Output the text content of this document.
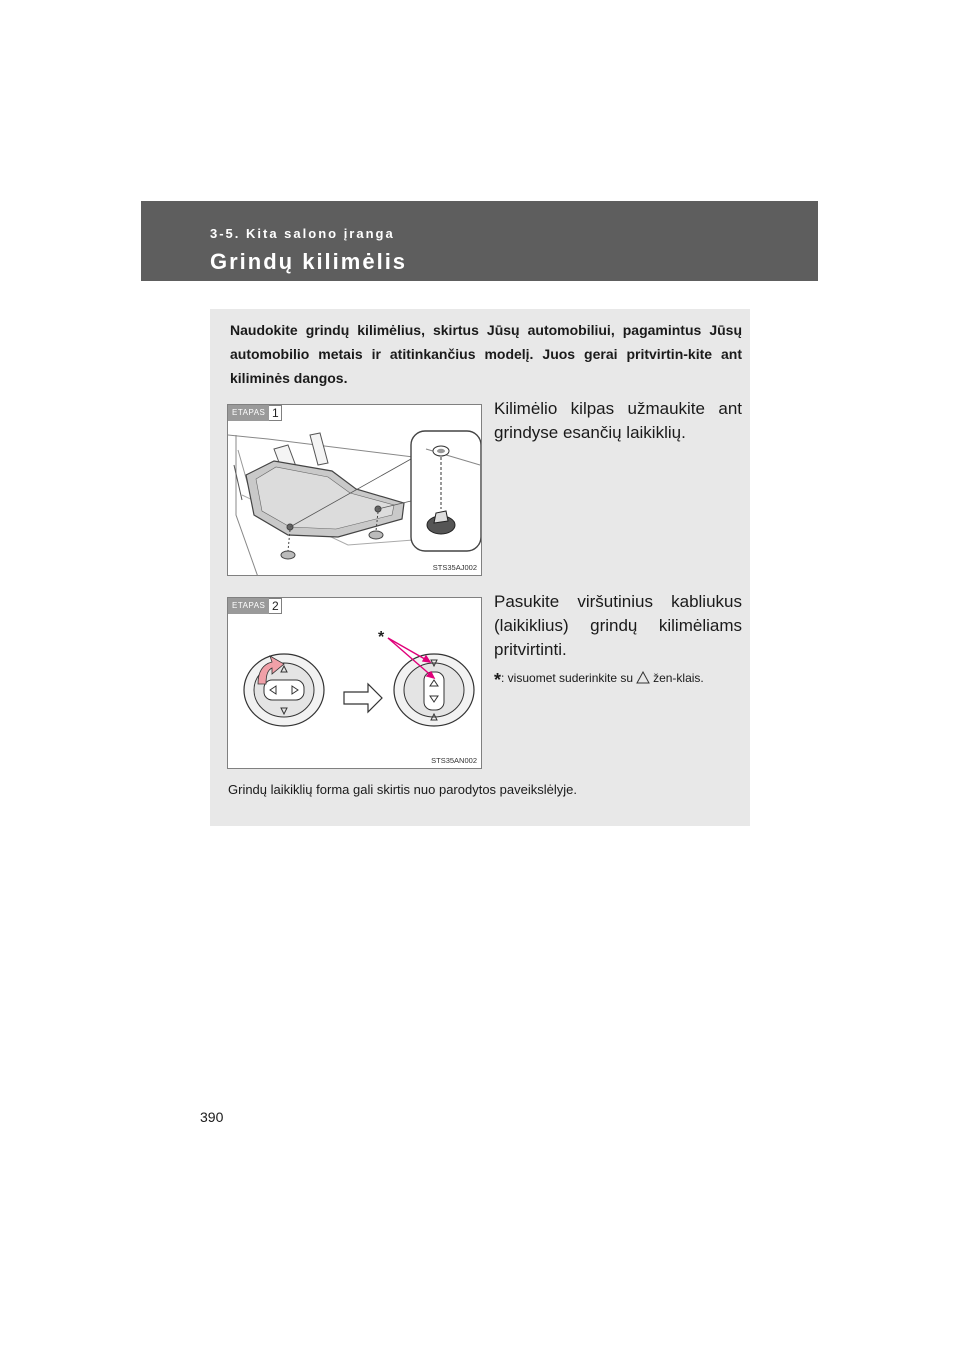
3-5. Kita salono įranga
Grindų kilimėlis
Naudokite grindų kilimėlius, skirtus Jūsų automobiliui, pagamintus Jūsų automobilio metais ir atitinkančius modelį. Juos gerai pritvirtin-kite ant kiliminės dangos.
ETAPAS 1
STS35AJ002
Kilimėlio kilpas užmaukite ant grindyse esančių laikiklių.
*
ETAPAS 2
STS35AN002
Pasukite viršutinius kabliukus (laikiklius) grindų kilimėliams pritvirtinti.
*: visuomet suderinkite su žen-klais.
Grindų laikiklių forma gali skirtis nuo parodytos paveikslėlyje.
390
